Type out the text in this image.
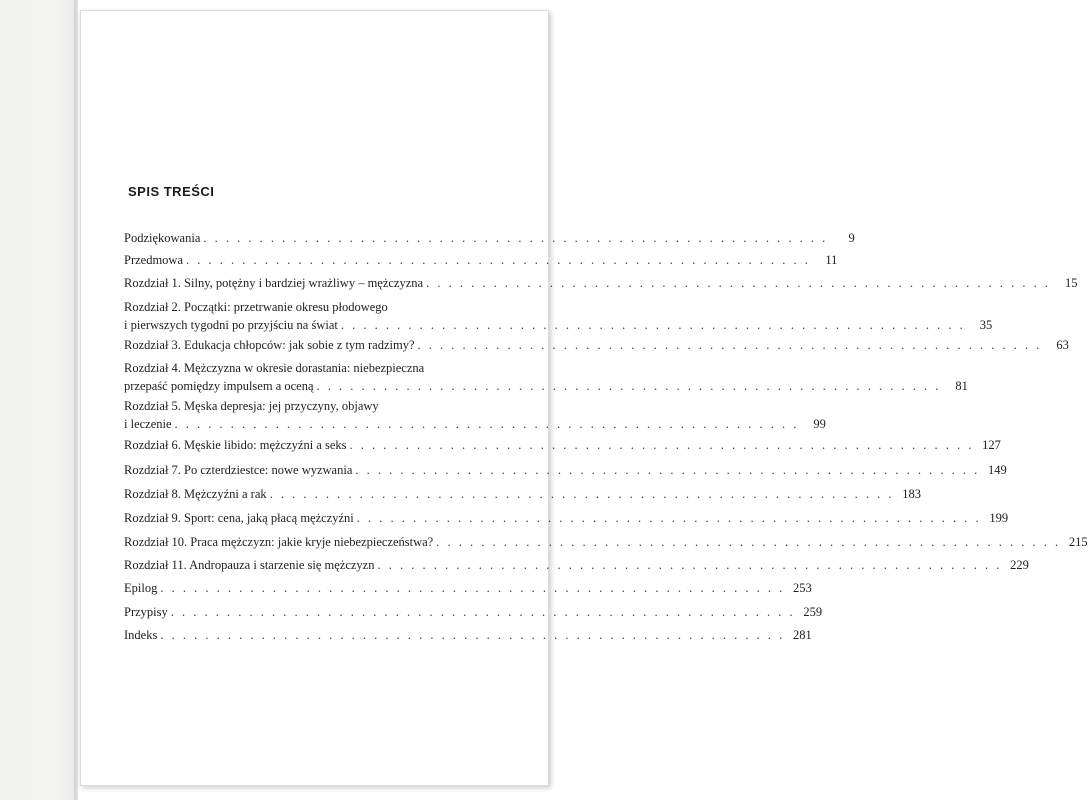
SPIS TREŚCI
Podziękowania . . . . . . . . . . . . . . . . . . . . . . . . . . . . . . . . . . . . . . . . . . . . . . . . . . . . . . . .	9
Przedmowa . . . . . . . . . . . . . . . . . . . . . . . . . . . . . . . . . . . . . . . . . . . . . . . . . . . . . . . .	11
Rozdział 1. Silny, potężny i bardziej wrażliwy – mężczyzna . . . . . . . . . . . . . . . . . . . . . . . . . . . . . . . . . . . . . . . . . . . . . . . . . . . . . . . .	15
Rozdział 2. Początki: przetrwanie okresu płodowego
i pierwszych tygodni po przyjściu na świat . . . . . . . . . . . . . . . . . . . . . . . . . . . . . . . . . . . . . . . . . . . . . . . . . . . . . . . .	35
Rozdział 3. Edukacja chłopców: jak sobie z tym radzimy? . . . . . . . . . . . . . . . . . . . . . . . . . . . . . . . . . . . . . . . . . . . . . . . . . . . . . . . .	63
Rozdział 4. Mężczyzna w okresie dorastania: niebezpieczna
przepaść pomiędzy impulsem a oceną . . . . . . . . . . . . . . . . . . . . . . . . . . . . . . . . . . . . . . . . . . . . . . . . . . . . . . . .	81
Rozdział 5. Męska depresja: jej przyczyny, objawy
i leczenie . . . . . . . . . . . . . . . . . . . . . . . . . . . . . . . . . . . . . . . . . . . . . . . . . . . . . . . .	99
Rozdział 6. Męskie libido: mężczyźni a seks . . . . . . . . . . . . . . . . . . . . . . . . . . . . . . . . . . . . . . . . . . . . . . . . . . . . . . . . 127
Rozdział 7. Po czterdziestce: nowe wyzwania . . . . . . . . . . . . . . . . . . . . . . . . . . . . . . . . . . . . . . . . . . . . . . . . . . . . . . . . 149
Rozdział 8. Mężczyźni a rak . . . . . . . . . . . . . . . . . . . . . . . . . . . . . . . . . . . . . . . . . . . . . . . . . . . . . . . . 183
Rozdział 9. Sport: cena, jaką płacą mężczyźni . . . . . . . . . . . . . . . . . . . . . . . . . . . . . . . . . . . . . . . . . . . . . . . . . . . . . . . . 199
Rozdział 10. Praca mężczyzn: jakie kryje niebezpieczeństwa? . . . . . . . . . . . . . . . . . . . . . . . . . . . . . . . . . . . . . . . . . . . . . . . . . . . . . . . . 215
Rozdział 11. Andropauza i starzenie się mężczyzn . . . . . . . . . . . . . . . . . . . . . . . . . . . . . . . . . . . . . . . . . . . . . . . . . . . . . . . . 229
Epilog . . . . . . . . . . . . . . . . . . . . . . . . . . . . . . . . . . . . . . . . . . . . . . . . . . . . . . . . 253
Przypisy . . . . . . . . . . . . . . . . . . . . . . . . . . . . . . . . . . . . . . . . . . . . . . . . . . . . . . . . 259
Indeks . . . . . . . . . . . . . . . . . . . . . . . . . . . . . . . . . . . . . . . . . . . . . . . . . . . . . . . . 281
